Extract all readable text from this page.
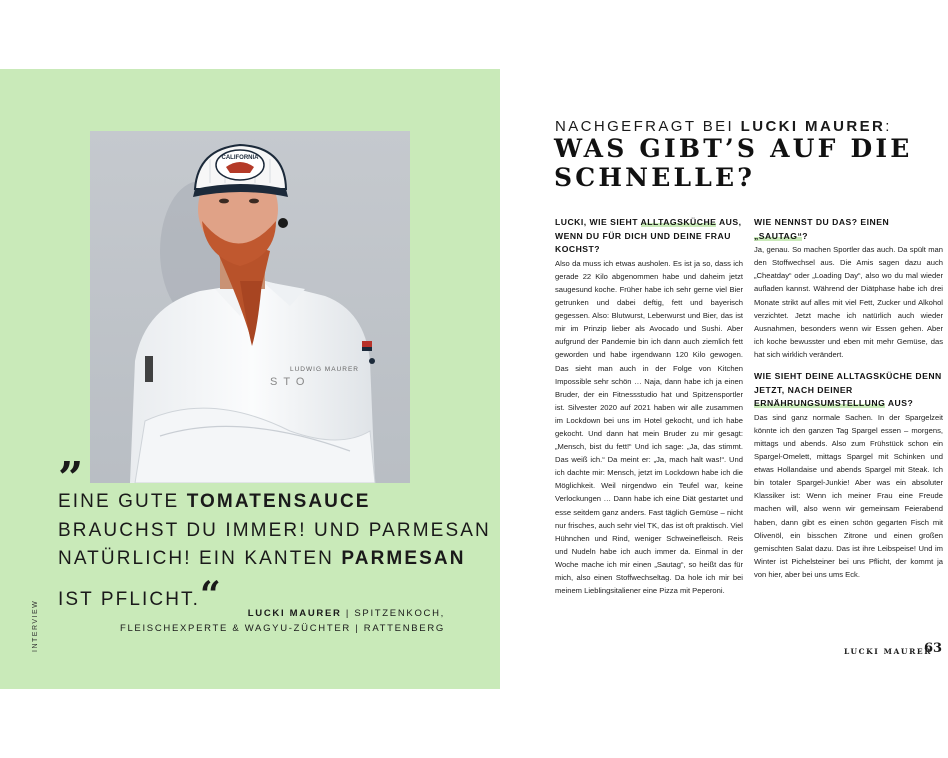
CALIFORNIA
LUDWIG MAURER
STO
”
EINE GUTE TOMATENSAUCE
BRAUCHST DU IMMER! UND PARMESAN
NATÜRLICH! EIN KANTEN PARMESAN
IST PFLICHT.“	LUCKI MAURER | SPITZENKOCH,
FLEISCHEXPERTE & WAGYU-ZÜCHTER | RATTENBERG
INTERVIEW
NACHGEFRAGT BEI LUCKI MAURER:
WAS GIBT’S AUF DIE
SCHNELLE?
LUCKI, WIE SIEHT ALLTAGSKÜCHE AUS, WENN DU FÜR DICH UND DEINE FRAU KOCHST?
Also da muss ich etwas ausholen. Es ist ja so, dass ich gerade 22 Kilo abgenommen habe und daheim jetzt saugesund koche. Früher habe ich sehr gerne viel Bier getrunken und dabei deftig, fett und bayerisch gegessen. Also: Blutwurst, Leberwurst und Bier, das ist mir im Prinzip lieber als Avocado und Sushi. Aber aufgrund der Pandemie bin ich dann auch ziemlich fett geworden und habe irgendwann 120 Kilo gewogen. Das sieht man auch in der Folge von Kitchen Impossible sehr schön … Naja, dann habe ich ja einen Bruder, der ein Fitnessstudio hat und Spitzensportler ist. Silvester 2020 auf 2021 haben wir alle zusammen im Lockdown bei uns im Hotel gekocht, und ich habe gekocht. Und dann hat mein Bruder zu mir gesagt: „Mensch, bist du fett!“ Und ich sage: „Ja, das stimmt. Das weiß ich.“ Da meint er: „Ja, mach halt was!“. Und ich dachte mir: Mensch, jetzt im Lockdown habe ich die Möglichkeit. Weil nirgendwo ein Teufel war, keine Verlockungen … Dann habe ich eine Diät gestartet und esse seitdem ganz anders. Fast täglich Gemüse – nicht nur frisches, auch sehr viel TK, das ist oft praktisch. Viel Hühnchen und Rind, weniger Schweinefleisch. Reis und Nudeln habe ich auch immer da. Einmal in der Woche mache ich mir einen „Sautag“, so heißt das für mich, also einen Stoffwechseltag. Da hole ich mir bei meinem Lieblingsitaliener eine Pizza mit Peperoni.
WIE NENNST DU DAS? EINEN „SAUTAG“?
Ja, genau. So machen Sportler das auch. Da spült man den Stoffwechsel aus. Die Amis sagen dazu auch „Cheatday“ oder „Loading Day“, also wo du mal wieder aufladen kannst. Während der Diätphase habe ich drei Monate strikt auf alles mit viel Fett, Zucker und Alkohol verzichtet. Jetzt mache ich natürlich auch wieder Ausnahmen, besonders wenn wir Essen gehen. Aber ich koche bewusster und eben mit mehr Gemüse, das hat sich wirklich verändert.
WIE SIEHT DEINE ALLTAGSKÜCHE DENN JETZT, NACH DEINER ERNÄHRUNGSUMSTELLUNG AUS?
Das sind ganz normale Sachen. In der Spargelzeit könnte ich den ganzen Tag Spargel essen – morgens, mittags und abends. Also zum Frühstück schon ein Spargel-Omelett, mittags Spargel mit Schinken und etwas Hollandaise und abends Spargel mit Steak. Ich bin totaler Spargel-Junkie! Aber was ein absoluter Klassiker ist: Wenn ich meiner Frau eine Freude machen will, also wenn wir gemeinsam Feierabend haben, dann gibt es einen schön gegarten Fisch mit Olivenöl, ein bisschen Zitrone und einen großen gemischten Salat dazu. Das ist ihre Leibspeise! Und im Winter ist Pichelsteiner bei uns Pflicht, der kommt ja von hier, aber bei uns ums Eck.
LUCKI MAURER
63
